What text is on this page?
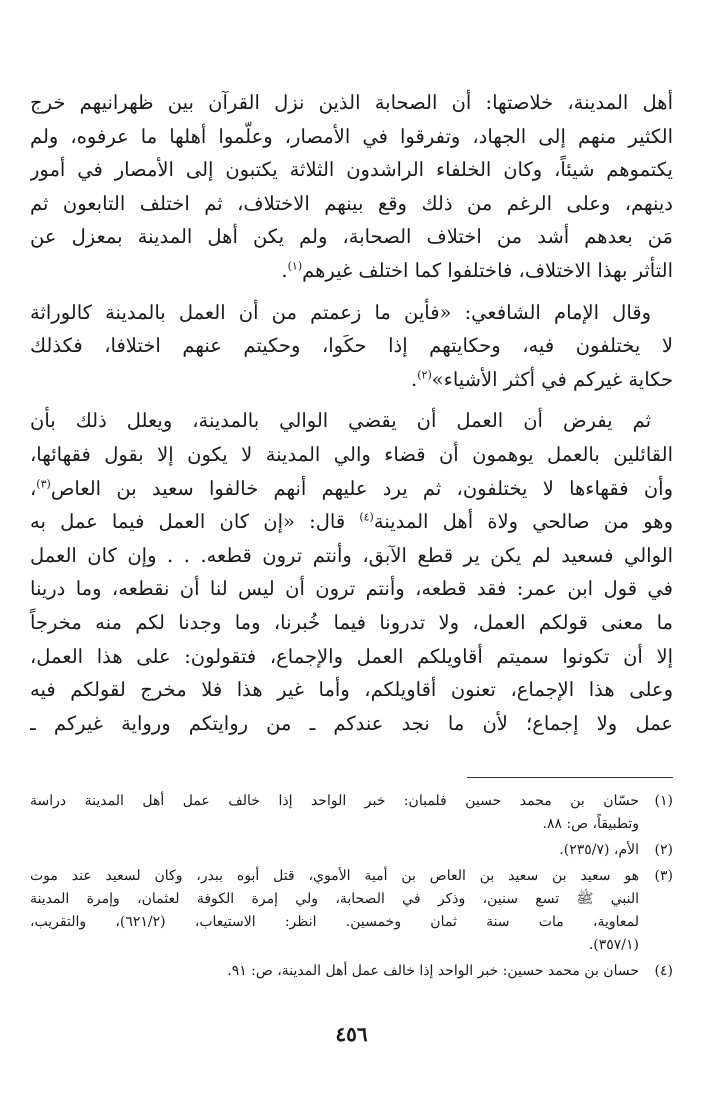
أهل المدينة، خلاصتها: أن الصحابة الذين نزل القرآن بين ظهرانيهم خرج
الكثير منهم إلى الجهاد، وتفرقوا في الأمصار، وعلّموا أهلها ما عرفوه، ولم
يكتموهم شيئاً، وكان الخلفاء الراشدون الثلاثة يكتبون إلى الأمصار في أمور
دينهم، وعلى الرغم من ذلك وقع بينهم الاختلاف، ثم اختلف التابعون ثم
مَن بعدهم أشد من اختلاف الصحابة، ولم يكن أهل المدينة بمعزل عن
التأثر بهذا الاختلاف، فاختلفوا كما اختلف غيرهم$^{(١)}$.

وقال الإمام الشافعي: «فأين ما زعمتم من أن العمل بالمدينة كالوراثة
لا يختلفون فيه، وحكايتهم إذا حكَوا، وحكيتم عنهم اختلافا، فكذلك
حكاية غيركم في أكثر الأشياء»$^{(٢)}$.

ثم يفرض أن العمل أن يقضي الوالي بالمدينة، ويعلل ذلك بأن
القائلين بالعمل يوهمون أن قضاء والي المدينة لا يكون إلا بقول فقهائها،
وأن فقهاءها لا يختلفون، ثم يرد عليهم أنهم خالفوا سعيد بن العاص$^{(٣)}$،
وهو من صالحي ولاة أهل المدينة$^{(٤)}$ قال: «إن كان العمل فيما عمل به
الوالي فسعيد لم يكن ير قطع الآبق، وأنتم ترون قطعه. . . وإن كان العمل
في قول ابن عمر: فقد قطعه، وأنتم ترون أن ليس لنا أن نقطعه، وما درينا
ما معنى قولكم العمل، ولا تدرونا فيما خُبرنا، وما وجدنا لكم منه مخرجاً
إلا أن تكونوا سميتم أقاويلكم العمل والإجماع، فتقولون: على هذا العمل،
وعلى هذا الإجماع، تعنون أقاويلكم، وأما غير هذا فلا مخرج لقولكم فيه
عمل ولا إجماع؛ لأن ما نجد عندكم ـ من روايتكم ورواية غيركم ـ

(١)
حسّان بن محمد حسين فلمبان: خبر الواحد إذا خالف عمل أهل المدينة دراسة
وتطبيقاً، ص: ٨٨.
(٢)
الأم، (٢٣٥/٧).
(٣)
هو سعيد بن سعيد بن العاص بن أمية الأموي، قتل أبوه ببدر، وكان لسعيد عند موت
النبي ﷺ تسع سنين، وذكر في الصحابة، ولي إمرة الكوفة لعثمان، وإمرة المدينة
لمعاوية، مات سنة ثمان وخمسين. انظر: الاستيعاب، (٦٢١/٢)، والتقريب،
(٣٥٧/١).
(٤)
حسان بن محمد حسين: خبر الواحد إذا خالف عمل أهل المدينة، ص: ٩١.
٤٥٦
